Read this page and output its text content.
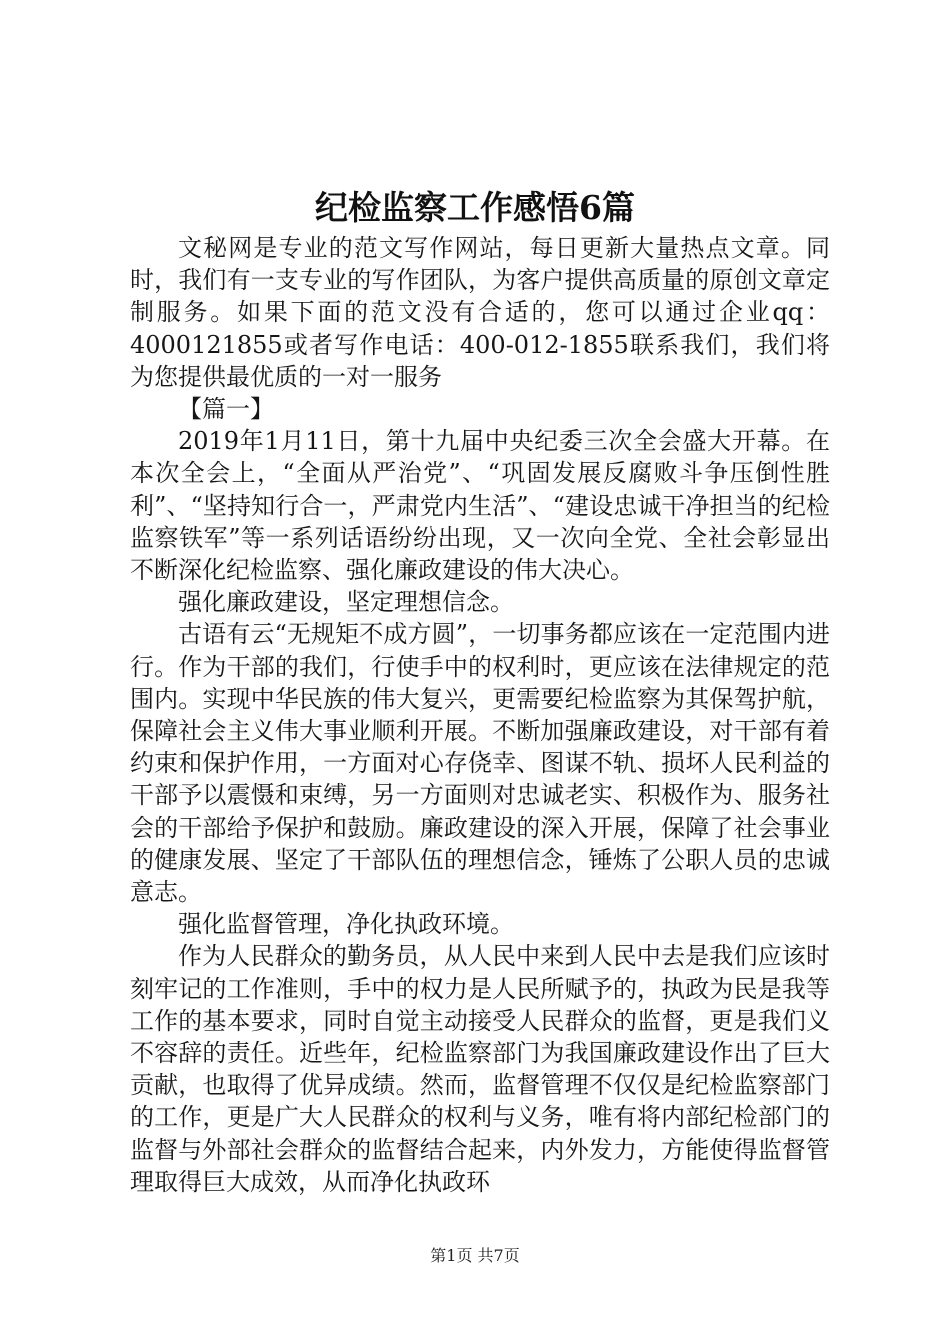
纪检监察工作感悟6篇

文秘网是专业的范文写作网站，每日更新大量热点文章。同时，我们有一支专业的写作团队，为客户提供高质量的原创文章定制服务。如果下面的范文没有合适的，您可以通过企业qq：4000121855或者写作电话：400-012-1855联系我们，我们将为您提供最优质的一对一服务

【篇一】

2019年1月11日，第十九届中央纪委三次全会盛大开幕。在本次全会上，“全面从严治党”、“巩固发展反腐败斗争压倒性胜利”、“坚持知行合一，严肃党内生活”、“建设忠诚干净担当的纪检监察铁军”等一系列话语纷纷出现，又一次向全党、全社会彰显出不断深化纪检监察、强化廉政建设的伟大决心。

强化廉政建设，坚定理想信念。

古语有云“无规矩不成方圆”，一切事务都应该在一定范围内进行。作为干部的我们，行使手中的权利时，更应该在法律规定的范围内。实现中华民族的伟大复兴，更需要纪检监察为其保驾护航，保障社会主义伟大事业顺利开展。不断加强廉政建设，对干部有着约束和保护作用，一方面对心存侥幸、图谋不轨、损坏人民利益的干部予以震慑和束缚，另一方面则对忠诚老实、积极作为、服务社会的干部给予保护和鼓励。廉政建设的深入开展，保障了社会事业的健康发展、坚定了干部队伍的理想信念，锤炼了公职人员的忠诚意志。

强化监督管理，净化执政环境。

作为人民群众的勤务员，从人民中来到人民中去是我们应该时刻牢记的工作准则，手中的权力是人民所赋予的，执政为民是我等工作的基本要求，同时自觉主动接受人民群众的监督，更是我们义不容辞的责任。近些年，纪检监察部门为我国廉政建设作出了巨大贡献，也取得了优异成绩。然而，监督管理不仅仅是纪检监察部门的工作，更是广大人民群众的权利与义务，唯有将内部纪检部门的监督与外部社会群众的监督结合起来，内外发力，方能使得监督管理取得巨大成效，从而净化执政环

第1页 共7页
